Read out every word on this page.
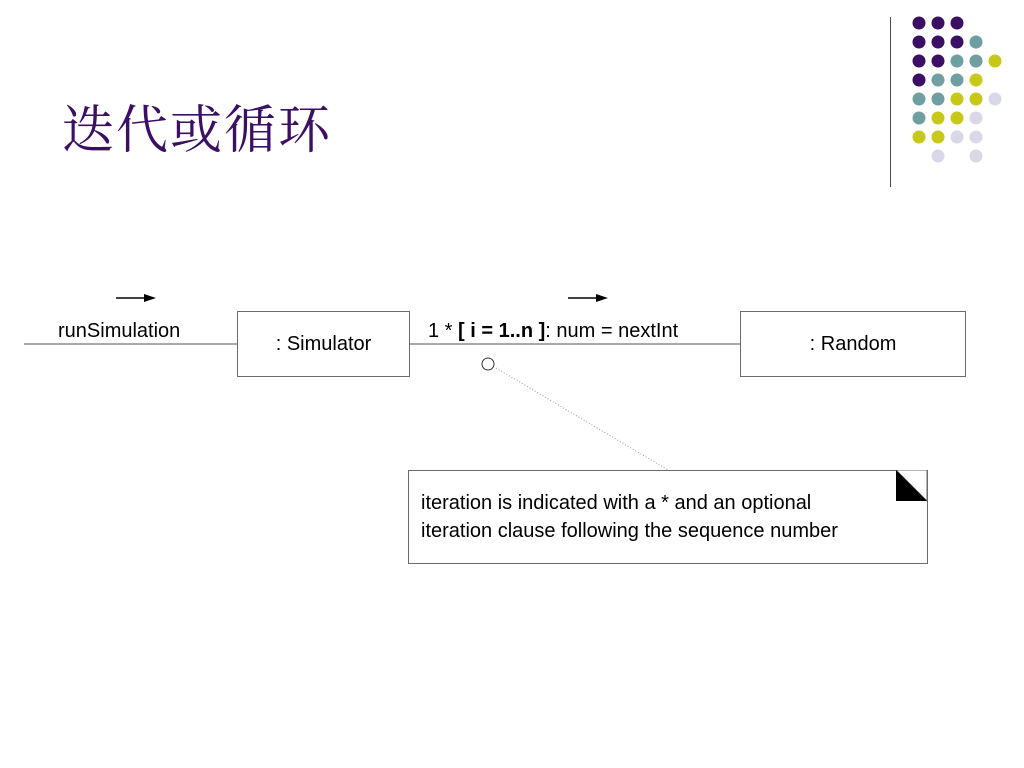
迭代或循环
: Simulator	: Random
runSimulation	1 * [ i = 1..n ]: num = nextInt
iteration is indicated with a * and an optional
iteration clause following the sequence number
